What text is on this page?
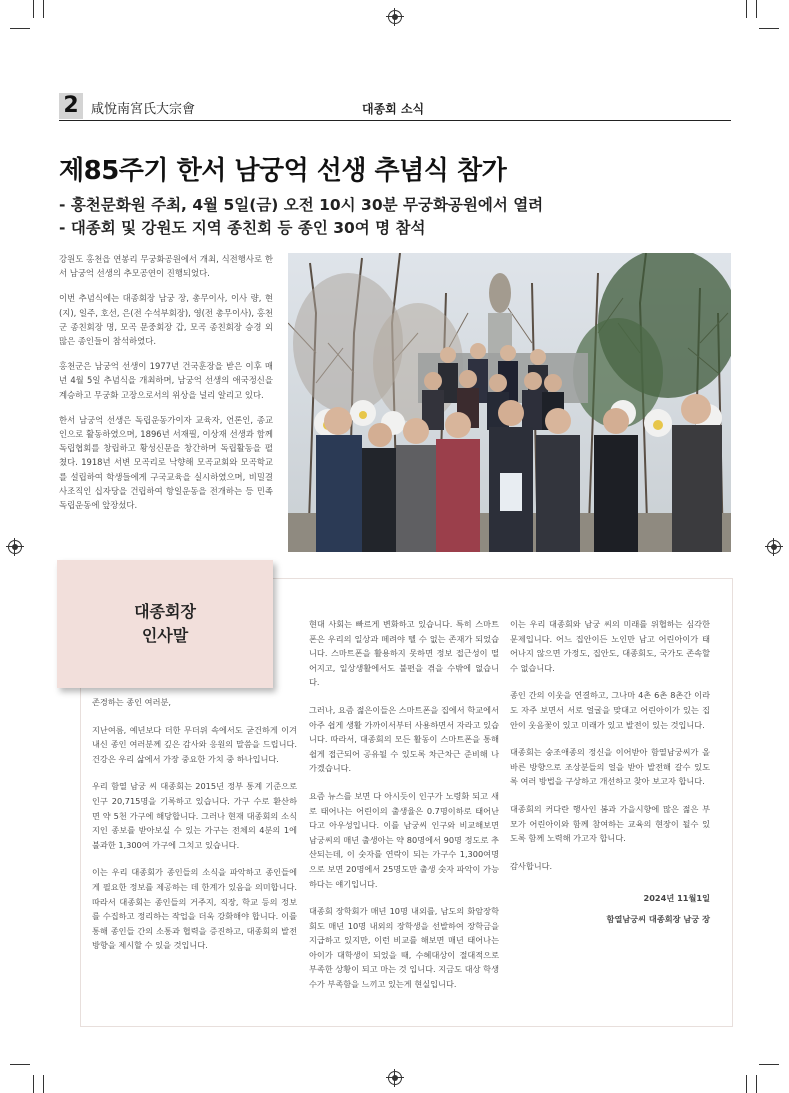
2 咸悅南宮氏大宗會	대종회 소식
제85주기 한서 남궁억 선생 추념식 참가
- 홍천문화원 주최, 4월 5일(금) 오전 10시 30분 무궁화공원에서 열려
- 대종회 및 강원도 지역 종친회 등 종인 30여 명 참석

강원도 홍천읍 연봉리 무궁화공원에서 개최, 식전행사로 한서 남궁억 선생의 추모공연이 진행되었다.

이번 추념식에는 대종회장 남궁 장, 총무이사, 이사 량, 현(지), 일주, 호선, 은(전 수석부회장), 영(전 총무이사), 홍천군 종친회장 명, 모곡 문중회장 갑, 모곡 종친회장 승경 외 많은 종인들이 참석하였다.

홍천군은 남궁억 선생이 1977년 건국훈장을 받은 이후 매년 4월 5일 추념식을 개최하며, 남궁억 선생의 애국정신을 계승하고 무궁화 고장으로서의 위상을 널리 알리고 있다.

한서 남궁억 선생은 독립운동가이자 교육자, 언론인, 종교인으로 활동하였으며, 1896년 서재필, 이상재 선생과 함께 독립협회를 창립하고 황성신문을 창간하며 독립활동을 펼쳤다. 1918년 서변 모곡리로 낙향해 모곡교회와 모곡학교를 설립하여 학생들에게 구국교육을 실시하였으며, 비밀결사조직인 십자당을 건립하여 항일운동을 전개하는 등 민족독립운동에 앞장섰다.

존경하는 종인 여러분,

지난여름, 예년보다 더한 무더위 속에서도 굳건하게 이겨내신 종인 여러분께 깊은 감사와 응원의 말씀을 드립니다. 건강은 우리 삶에서 가장 중요한 가치 중 하나입니다.

우리 함열 남궁 씨 대종회는 2015년 정부 통계 기준으로 인구 20,715명을 기록하고 있습니다. 가구 수로 환산하면 약 5천 가구에 해당합니다. 그러나 현재 대종회의 소식지인 종보를 받아보실 수 있는 가구는 전체의 4분의 1에 불과한 1,300여 가구에 그치고 있습니다.

이는 우리 대종회가 종인들의 소식을 파악하고 종인들에게 필요한 정보를 제공하는 데 한계가 있음을 의미합니다. 따라서 대종회는 종인들의 거주지, 직장, 학교 등의 정보를 수집하고 정리하는 작업을 더욱 강화해야 합니다. 이를 통해 종인들 간의 소통과 협력을 증진하고, 대종회의 발전 방향을 제시할 수 있을 것입니다.

현대 사회는 빠르게 변화하고 있습니다. 특히 스마트폰은 우리의 일상과 떼려야 뗄 수 없는 존재가 되었습니다. 스마트폰을 활용하지 못하면 정보 접근성이 떨어지고, 일상생활에서도 불편을 겪을 수밖에 없습니다.

그러나, 요즘 젊은이들은 스마트폰을 집에서 학교에서 아주 쉽게 생활 가까이서부터 사용하면서 자라고 있습니다. 따라서, 대종회의 모든 활동이 스마트폰을 통해 쉽게 접근되어 공유될 수 있도록 차근차근 준비해 나가겠습니다.

요즘 뉴스를 보면 다 아시듯이 인구가 노령화 되고 새로 태어나는 어린이의 출생율은 0.7명이하로 태어난다고 아우성입니다. 이를 남궁씨 인구와 비교해보면 남궁씨의 매년 출생아는 약 80명에서 90명 정도로 추산되는데, 이 숫자를 연락이 되는 가구수 1,300여명으로 보면 20명에서 25명도만 출생 숫자 파악이 가능하다는 얘기입니다.

대종회 장학회가 매년 10명 내외를, 남도의 화암장학회도 매년 10명 내외의 장학생을 선발하여 장학금을 지급하고 있지만, 이런 비교를 해보면 매년 태어나는 아이가 대학생이 되었을 때, 수혜대상이 절대적으로 부족한 상황이 되고 마는 것 입니다. 지금도 대상 학생수가 부족함을 느끼고 있는게 현실입니다.

이는 우리 대종회와 남궁 씨의 미래를 위협하는 심각한 문제입니다. 어느 집안이든 노인만 남고 어린아이가 태어나지 않으면 가정도, 집안도, 대종회도, 국가도 존속할 수 없습니다.

종인 간의 이웃을 연결하고, 그나마 4촌 6촌 8촌간 이라도 자주 보면서 서로 얼굴을 맞대고 어린아이가 있는 집안이 웃음꽃이 있고 미래가 있고 발전이 있는 것입니다.

대종회는 숭조애종의 정신을 이어받아 함열남궁씨가 올바른 방향으로 조상분들의 얼을 받아 발전해 갈수 있도록 여러 방법을 구상하고 개선하고 찾아 보고자 합니다.

대종회의 커다란 행사인 봄과 가을시향에 많은 젊은 부모가 어린아이와 함께 참여하는 교육의 현장이 될수 있도록 함께 노력해 가고자 합니다.

감사합니다.

2024년 11월1일

함열남궁씨 대종회장 남궁 장

대종회장
인사말
